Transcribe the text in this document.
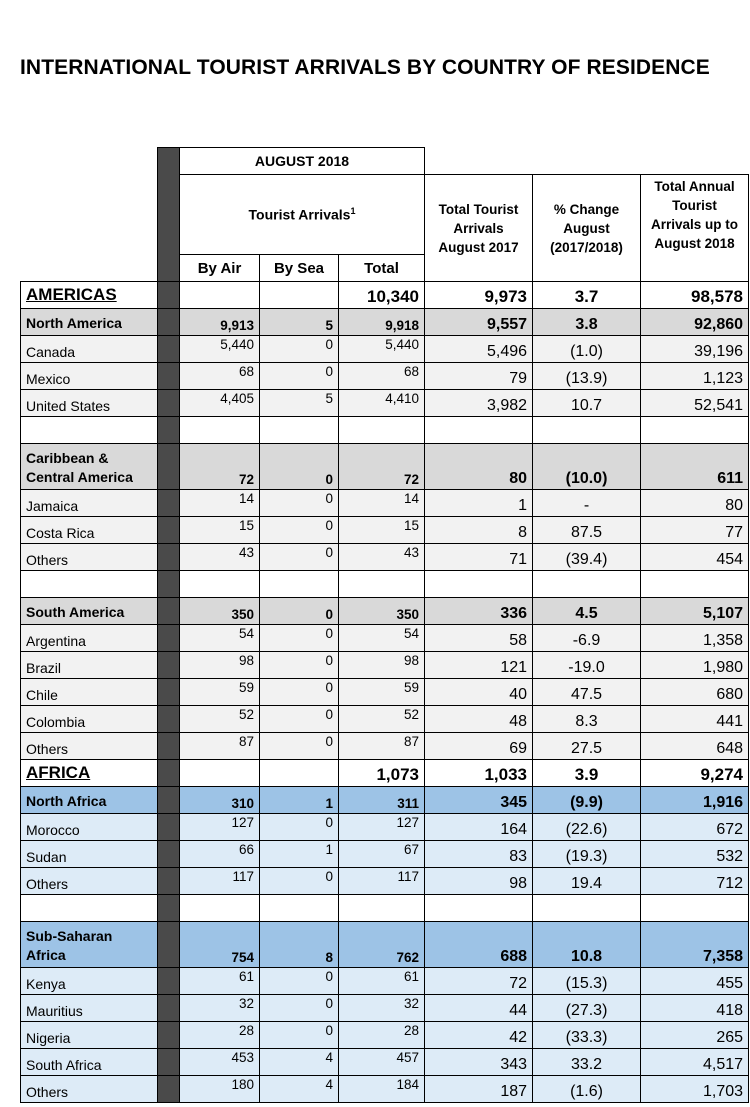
INTERNATIONAL TOURIST ARRIVALS BY COUNTRY OF RESIDENCE
		AUGUST 2018					
		Tourist Arrivals$^1$			Total Tourist Arrivals August 2017	% Change August (2017/2018)	Total Annual Tourist Arrivals up to August 2018
		By Air	By Sea	Total			
AMERICAS				10,340	9,973	3.7	98,578
North America		9,913	5	9,918	9,557	3.8	92,860
Canada		5,440	0	5,440	5,496	(1.0)	39,196
Mexico		68	0	68	79	(13.9)	1,123
United States		4,405	5	4,410	3,982	10.7	52,541

Caribbean & Central America		72	0	72	80	(10.0)	611
Jamaica		14	0	14	1	-	80
Costa Rica		15	0	15	8	87.5	77
Others		43	0	43	71	(39.4)	454

South America		350	0	350	336	4.5	5,107
Argentina		54	0	54	58	-6.9	1,358
Brazil		98	0	98	121	-19.0	1,980
Chile		59	0	59	40	47.5	680
Colombia		52	0	52	48	8.3	441
Others		87	0	87	69	27.5	648
AFRICA				1,073	1,033	3.9	9,274
North Africa		310	1	311	345	(9.9)	1,916
Morocco		127	0	127	164	(22.6)	672
Sudan		66	1	67	83	(19.3)	532
Others		117	0	117	98	19.4	712

Sub-Saharan Africa		754	8	762	688	10.8	7,358
Kenya		61	0	61	72	(15.3)	455
Mauritius		32	0	32	44	(27.3)	418
Nigeria		28	0	28	42	(33.3)	265
South Africa		453	4	457	343	33.2	4,517
Others		180	4	184	187	(1.6)	1,703
